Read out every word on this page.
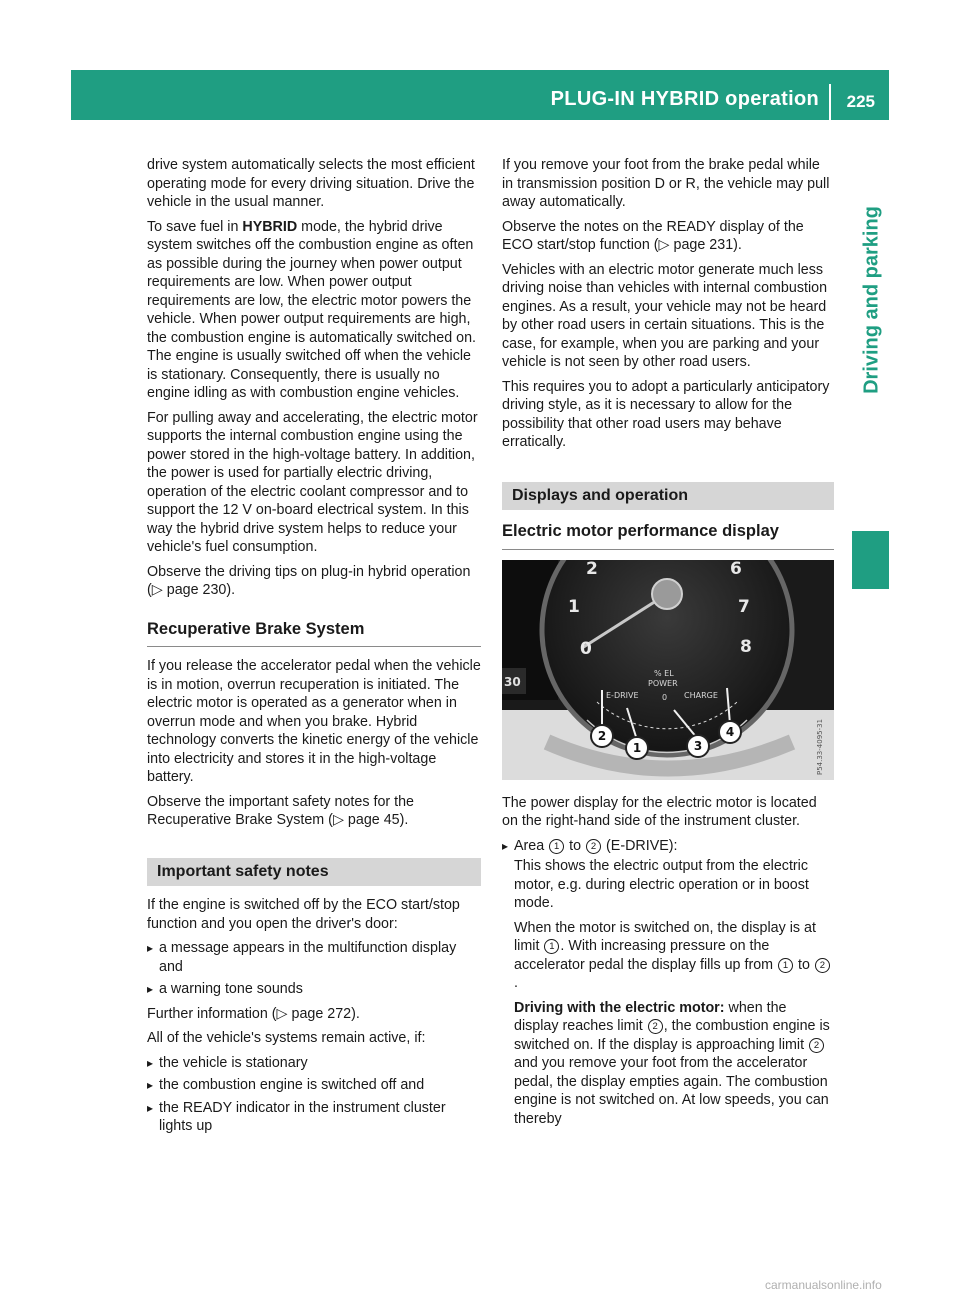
PLUG-IN HYBRID operation 225
Driving and parking

drive system automatically selects the most efficient operating mode for every driving situation. Drive the vehicle in the usual manner.

To save fuel in HYBRID mode, the hybrid drive system switches off the combustion engine as often as possible during the journey when power output requirements are low. When power output requirements are low, the electric motor powers the vehicle. When power output requirements are high, the combustion engine is automatically switched on. The engine is usually switched off when the vehicle is stationary. Consequently, there is usually no engine idling as with combustion engine vehicles.

For pulling away and accelerating, the electric motor supports the internal combustion engine using the power stored in the high-voltage battery. In addition, the power is used for partially electric driving, operation of the electric coolant compressor and to support the 12 V on-board electrical system. In this way the hybrid drive system helps to reduce your vehicle's fuel consumption.

Observe the driving tips on plug-in hybrid operation (▷ page 230).

Recuperative Brake System

If you release the accelerator pedal when the vehicle is in motion, overrun recuperation is initiated. The electric motor is operated as a generator when in overrun mode and when you brake. Hybrid technology converts the kinetic energy of the vehicle into electricity and stores it in the high-voltage battery.

Observe the important safety notes for the Recuperative Brake System (▷ page 45).

Important safety notes

If the engine is switched off by the ECO start/stop function and you open the driver's door:

▸ a message appears in the multifunction display and
▸ a warning tone sounds

Further information (▷ page 272).

All of the vehicle's systems remain active, if:

▸ the vehicle is stationary
▸ the combustion engine is switched off and
▸ the READY indicator in the instrument cluster lights up

If you remove your foot from the brake pedal while in transmission position D or R, the vehicle may pull away automatically.

Observe the notes on the READY display of the ECO start/stop function (▷ page 231).

Vehicles with an electric motor generate much less driving noise than vehicles with internal combustion engines. As a result, your vehicle may not be heard by other road users in certain situations. This is the case, for example, when you are parking and your vehicle is not seen by other road users.

This requires you to adopt a particularly anticipatory driving style, as it is necessary to allow for the possibility that other road users may behave erratically.

Displays and operation
Electric motor performance display
0
1
2	6
7
8
% EL
POWER
E-DRIVE	0 CHARGE
30
2
1	3
4	P54.33-4095-31

The power display for the electric motor is located on the right-hand side of the instrument cluster.

▸ Area 1 to 2 (E-DRIVE):
This shows the electric output from the electric motor, e.g. during electric operation or in boost mode.
When the motor is switched on, the display is at limit 1 . With increasing pressure on the accelerator pedal the display fills up from 1 to 2.
Driving with the electric motor: when the display reaches limit 2 , the combustion engine is switched on. If the display is approaching limit 2 and you remove your foot from the accelerator pedal, the display empties again. The combustion engine is not switched on. At low speeds, you can thereby
carmanualsonline.info
